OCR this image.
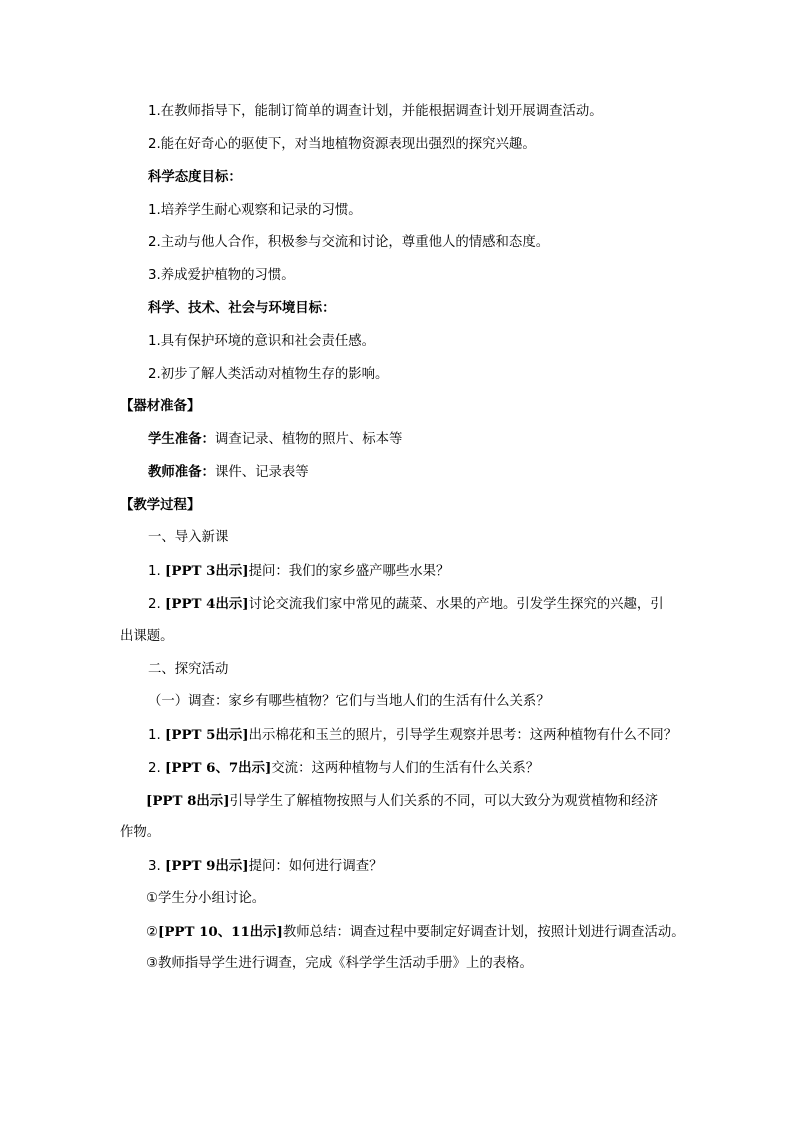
1.在教师指导下，能制订简单的调查计划，并能根据调查计划开展调查活动。
2.能在好奇心的驱使下，对当地植物资源表现出强烈的探究兴趣。
科学态度目标：
1.培养学生耐心观察和记录的习惯。
2.主动与他人合作，积极参与交流和讨论，尊重他人的情感和态度。
3.养成爱护植物的习惯。
科学、技术、社会与环境目标：
1.具有保护环境的意识和社会责任感。
2.初步了解人类活动对植物生存的影响。
【器材准备】
学生准备：调查记录、植物的照片、标本等
教师准备：课件、记录表等
【教学过程】
一、导入新课
1. [PPT 3出示]提问：我们的家乡盛产哪些水果？
2. [PPT 4出示]讨论交流我们家中常见的蔬菜、水果的产地。引发学生探究的兴趣，引
出课题。
二、探究活动
（一）调查：家乡有哪些植物？它们与当地人们的生活有什么关系？
1. [PPT 5出示]出示棉花和玉兰的照片，引导学生观察并思考：这两种植物有什么不同？
2. [PPT 6、7出示]交流：这两种植物与人们的生活有什么关系？
[PPT 8出示]引导学生了解植物按照与人们关系的不同，可以大致分为观赏植物和经济
作物。
3. [PPT 9出示]提问：如何进行调查？
①学生分小组讨论。
②[PPT 10、11出示]教师总结：调查过程中要制定好调查计划，按照计划进行调查活动。
③教师指导学生进行调查，完成《科学学生活动手册》上的表格。
